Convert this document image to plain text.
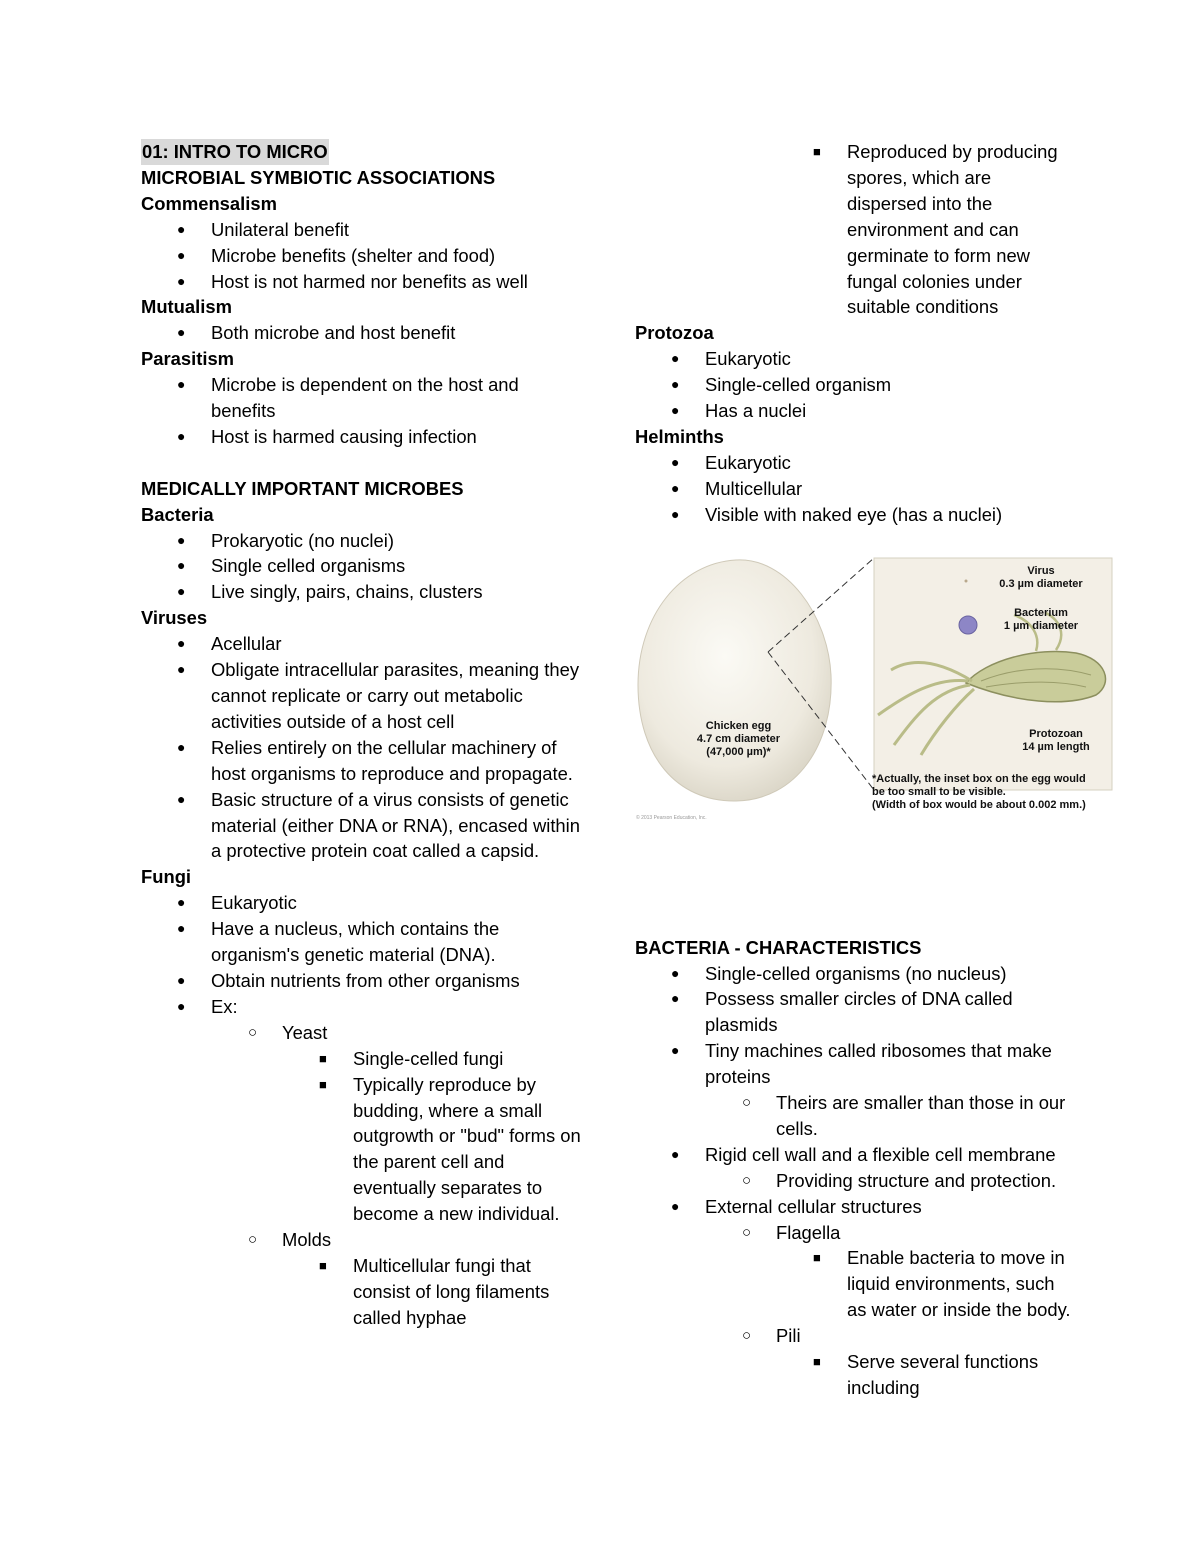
01: INTRO TO MICRO
MICROBIAL SYMBIOTIC ASSOCIATIONS
Commensalism
● Unilateral benefit
● Microbe benefits (shelter and food)
● Host is not harmed nor benefits as well
Mutualism
● Both microbe and host benefit
Parasitism
● Microbe is dependent on the host and benefits
● Host is harmed causing infection
MEDICALLY IMPORTANT MICROBES
Bacteria
● Prokaryotic (no nuclei)
● Single celled organisms
● Live singly, pairs, chains, clusters
Viruses
● Acellular
● Obligate intracellular parasites, meaning they cannot replicate or carry out metabolic activities outside of a host cell
● Relies entirely on the cellular machinery of host organisms to reproduce and propagate.
● Basic structure of a virus consists of genetic material (either DNA or RNA), encased within a protective protein coat called a capsid.
Fungi
● Eukaryotic
● Have a nucleus, which contains the organism's genetic material (DNA).
● Obtain nutrients from other organisms
● Ex:
○ Yeast
■ Single-celled fungi
■ Typically reproduce by budding, where a small outgrowth or "bud" forms on the parent cell and eventually separates to become a new individual.
○ Molds
■ Multicellular fungi that consist of long filaments called hyphae
■ Reproduced by producing spores, which are dispersed into the environment and can germinate to form new fungal colonies under suitable conditions
Protozoa
● Eukaryotic
● Single-celled organism
● Has a nuclei
Helminths
● Eukaryotic
● Multicellular
● Visible with naked eye (has a nuclei)
BACTERIA - CHARACTERISTICS
● Single-celled organisms (no nucleus)
● Possess smaller circles of DNA called plasmids
● Tiny machines called ribosomes that make proteins
○ Theirs are smaller than those in our cells.
● Rigid cell wall and a flexible cell membrane
○ Providing structure and protection.
● External cellular structures
○ Flagella
■ Enable bacteria to move in liquid environments, such as water or inside the body.
○ Pili
■ Serve several functions including
Chicken egg
4.7 cm diameter
(47,000 µm)*
Virus
0.3 µm diameter
Bacterium
1 µm diameter
Protozoan
14 µm length
*Actually, the inset box on the egg would
be too small to be visible.
(Width of box would be about 0.002 mm.)
© 2013 Pearson Education, Inc.
